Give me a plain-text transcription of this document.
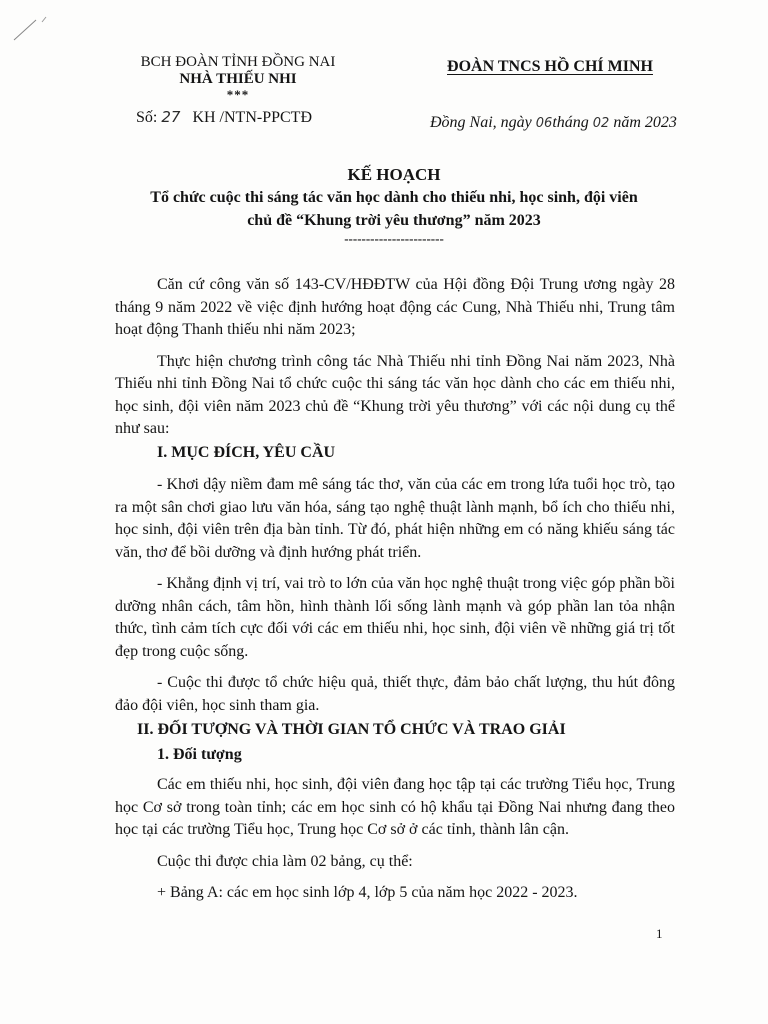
BCH ĐOÀN TỈNH ĐỒNG NAI
NHÀ THIẾU NHI
***
Số: 27 KH /NTN-PPCTĐ
ĐOÀN TNCS HỒ CHÍ MINH
Đồng Nai, ngày 06tháng 02 năm 2023
KẾ HOẠCH
Tổ chức cuộc thi sáng tác văn học dành cho thiếu nhi, học sinh, đội viên
chủ đề “Khung trời yêu thương” năm 2023
-----------------------

Căn cứ công văn số 143-CV/HĐĐTW của Hội đồng Đội Trung ương ngày 28 tháng 9 năm 2022 về việc định hướng hoạt động các Cung, Nhà Thiếu nhi, Trung tâm hoạt động Thanh thiếu nhi năm 2023;

Thực hiện chương trình công tác Nhà Thiếu nhi tỉnh Đồng Nai năm 2023, Nhà Thiếu nhi tỉnh Đồng Nai tổ chức cuộc thi sáng tác văn học dành cho các em thiếu nhi, học sinh, đội viên năm 2023 chủ đề “Khung trời yêu thương” với các nội dung cụ thể như sau:

I. MỤC ĐÍCH, YÊU CẦU

- Khơi dậy niềm đam mê sáng tác thơ, văn của các em trong lứa tuổi học trò, tạo ra một sân chơi giao lưu văn hóa, sáng tạo nghệ thuật lành mạnh, bổ ích cho thiếu nhi, học sinh, đội viên trên địa bàn tỉnh. Từ đó, phát hiện những em có năng khiếu sáng tác văn, thơ để bồi dưỡng và định hướng phát triển.

- Khẳng định vị trí, vai trò to lớn của văn học nghệ thuật trong việc góp phần bồi dưỡng nhân cách, tâm hồn, hình thành lối sống lành mạnh và góp phần lan tỏa nhận thức, tình cảm tích cực đối với các em thiếu nhi, học sinh, đội viên về những giá trị tốt đẹp trong cuộc sống.

- Cuộc thi được tổ chức hiệu quả, thiết thực, đảm bảo chất lượng, thu hút đông đảo đội viên, học sinh tham gia.

II. ĐỐI TƯỢNG VÀ THỜI GIAN TỔ CHỨC VÀ TRAO GIẢI
1. Đối tượng

Các em thiếu nhi, học sinh, đội viên đang học tập tại các trường Tiểu học, Trung học Cơ sở trong toàn tỉnh; các em học sinh có hộ khẩu tại Đồng Nai nhưng đang theo học tại các trường Tiểu học, Trung học Cơ sở ở các tỉnh, thành lân cận.

Cuộc thi được chia làm 02 bảng, cụ thể:

+ Bảng A: các em học sinh lớp 4, lớp 5 của năm học 2022 - 2023.

1
